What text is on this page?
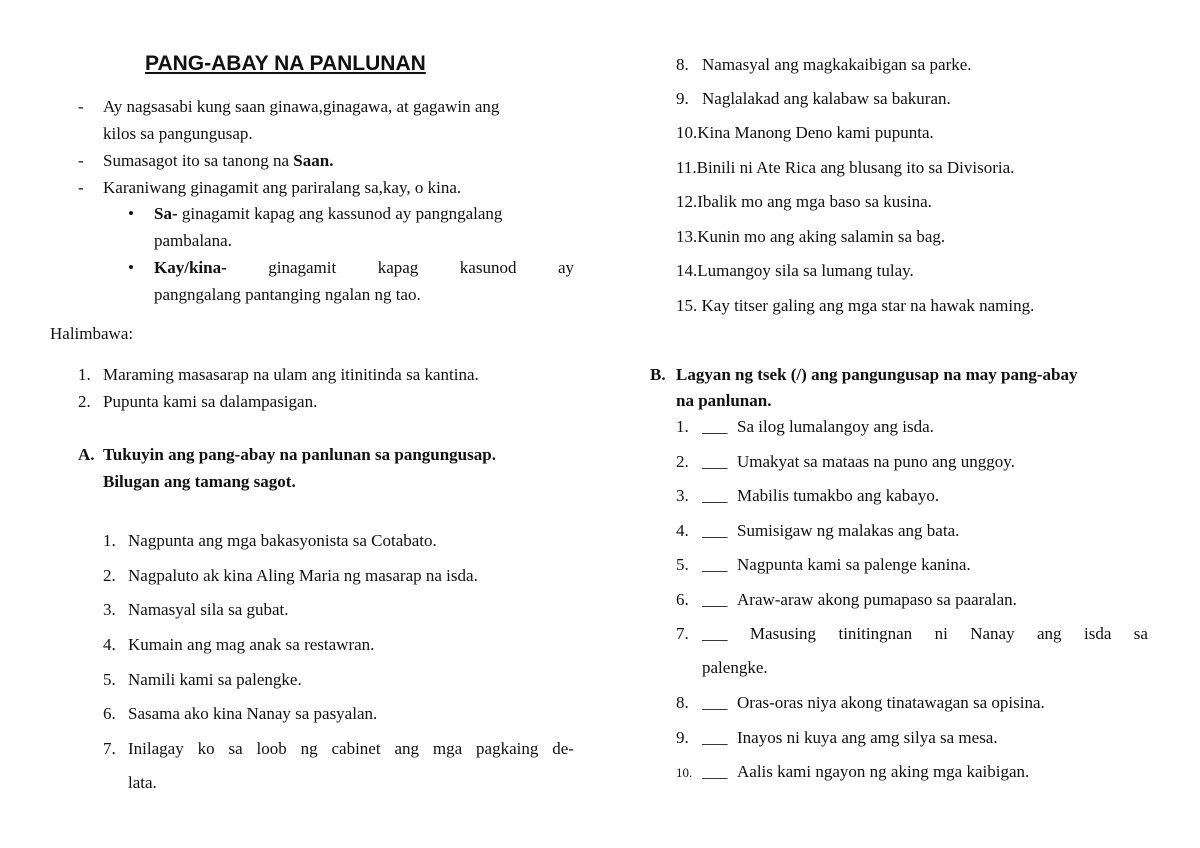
PANG-ABAY NA PANLUNAN
- Ay nagsasabi kung saan ginawa,ginagawa, at gagawin ang
kilos sa pangungusap.
- Sumasagot ito sa tanong na Saan.
- Karaniwang ginagamit ang pariralang sa,kay, o kina.
• Sa- ginagamit kapag ang kassunod ay pangngalang
pambalana.
• Kay/kina- ginagamit kapag kasunod ay
pangngalang pantanging ngalan ng tao.
Halimbawa:
1. Maraming masasarap na ulam ang itinitinda sa kantina.
2. Pupunta kami sa dalampasigan.
A. Tukuyin ang pang-abay na panlunan sa pangungusap.
Bilugan ang tamang sagot.
1. Nagpunta ang mga bakasyonista sa Cotabato.
2. Nagpaluto ak kina Aling Maria ng masarap na isda.
3. Namasyal sila sa gubat.
4. Kumain ang mag anak sa restawran.
5. Namili kami sa palengke.
6. Sasama ako kina Nanay sa pasyalan.
7. Inilagay ko sa loob ng cabinet ang mga pagkaing de-
lata.
8. Namasyal ang magkakaibigan sa parke.
9. Naglalakad ang kalabaw sa bakuran.
10.Kina Manong Deno kami pupunta.
11.Binili ni Ate Rica ang blusang ito sa Divisoria.
12.Ibalik mo ang mga baso sa kusina.
13.Kunin mo ang aking salamin sa bag.
14.Lumangoy sila sa lumang tulay.
15. Kay titser galing ang mga star na hawak naming.
B. Lagyan ng tsek (/) ang pangungusap na may pang-abay
na panlunan.
1. ___ Sa ilog lumalangoy ang isda.
2. ___ Umakyat sa mataas na puno ang unggoy.
3. ___ Mabilis tumakbo ang kabayo.
4. ___ Sumisigaw ng malakas ang bata.
5. ___ Nagpunta kami sa palenge kanina.
6. ___ Araw-araw akong pumapaso sa paaralan.
7. ___ Masusing tinitingnan ni Nanay ang isda sa
palengke.
8. ___ Oras-oras niya akong tinatawagan sa opisina.
9. ___ Inayos ni kuya ang amg silya sa mesa.
10. ___ Aalis kami ngayon ng aking mga kaibigan.
